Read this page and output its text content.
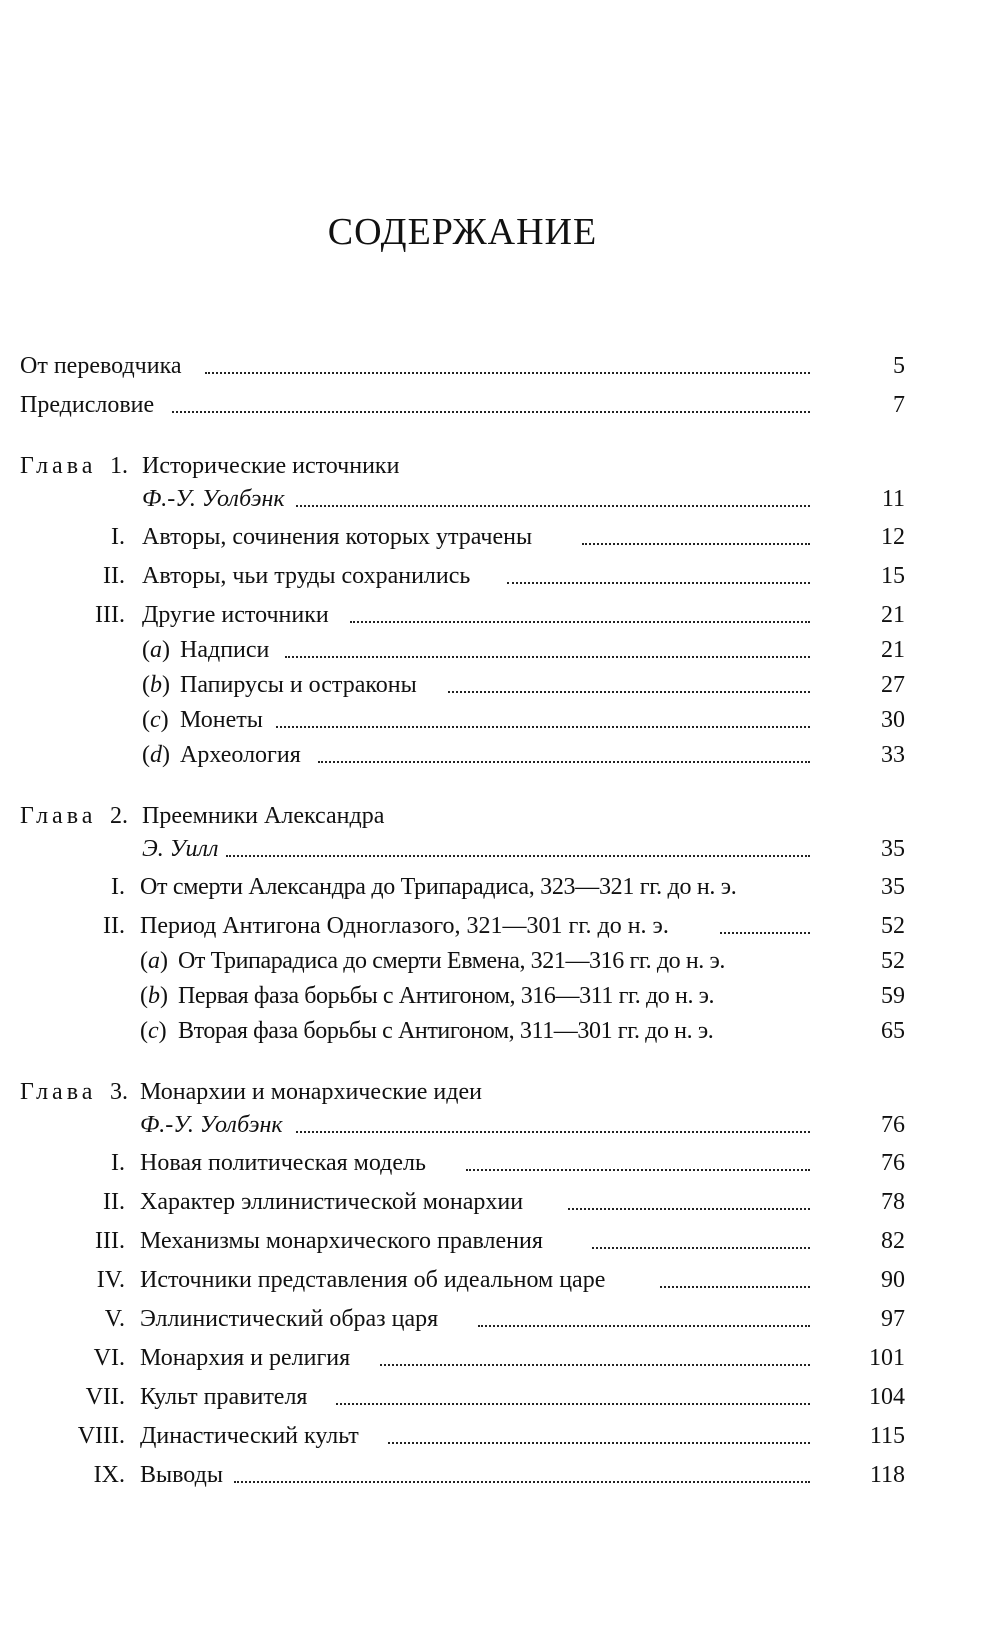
СОДЕРЖАНИЕ
От переводчика	5
Предисловие	7
Глава 1. Исторические источники
Ф.-У. Уолбэнк	11
I. Авторы, сочинения которых утрачены	12
II. Авторы, чьи труды сохранились	15
III. Другие источники	21
(a) Надписи	21
(b) Папирусы и остраконы	27
(c) Монеты	30
(d) Археология	33
Глава 2. Преемники Александра
Э. Уилл	35
I. От смерти Александра до Трипарадиса, 323—321 гг. до н. э.	35
II. Период Антигона Одноглазого, 321—301 гг. до н. э.	52
(a) От Трипарадиса до смерти Евмена, 321—316 гг. до н. э.	52
(b) Первая фаза борьбы с Антигоном, 316—311 гг. до н. э.	59
(c) Вторая фаза борьбы с Антигоном, 311—301 гг. до н. э.	65
Глава 3. Монархии и монархические идеи
Ф.-У. Уолбэнк	76
I. Новая политическая модель	76
II. Характер эллинистической монархии	78
III. Механизмы монархического правления	82
IV. Источники представления об идеальном царе	90
V. Эллинистический образ царя	97
VI. Монархия и религия	101
VII. Культ правителя	104
VIII. Династический культ	115
IX. Выводы	118
